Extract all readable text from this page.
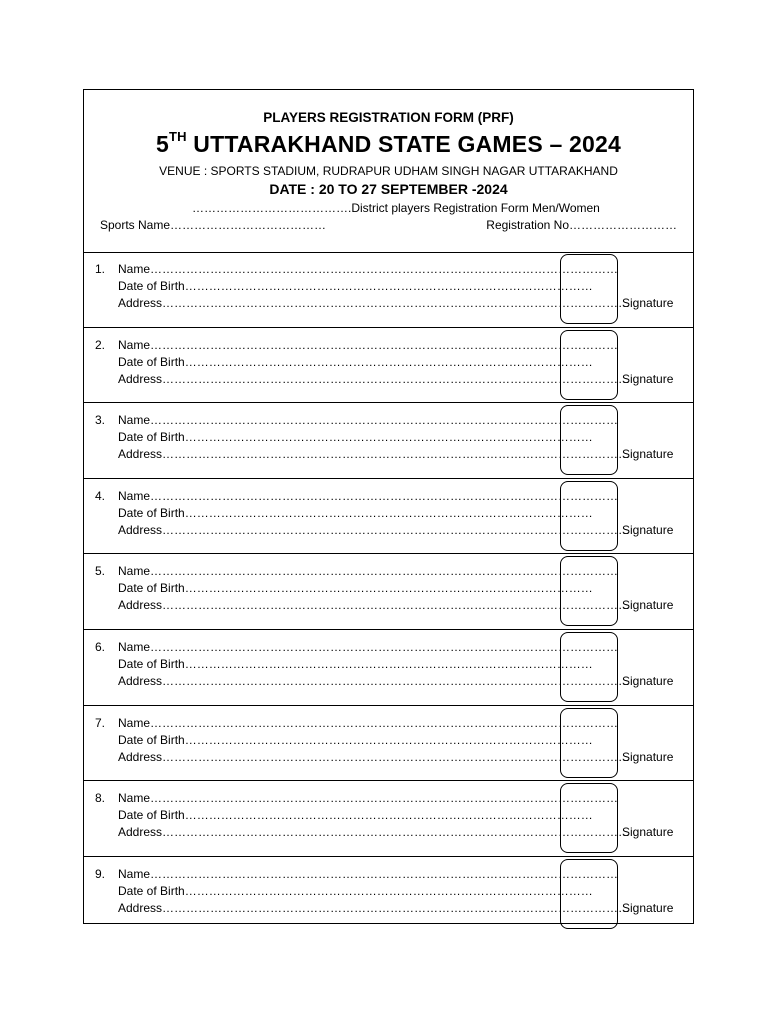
PLAYERS REGISTRATION FORM (PRF)
5TH UTTARAKHAND STATE GAMES – 2024
VENUE : SPORTS STADIUM, RUDRAPUR UDHAM SINGH NAGAR UTTARAKHAND
DATE : 20 TO 27 SEPTEMBER -2024
………………………………….District players Registration Form Men/Women
Sports Name…………………………………	Registration No………………………
1. Name………………………………………………………………………………………………………
Date of Birth…………………………………………………………………………………………
Address………………………………………………………………………………………………………
Signature
2. Name………………………………………………………………………………………………………
Date of Birth…………………………………………………………………………………………
Address………………………………………………………………………………………………………
Signature
3. Name………………………………………………………………………………………………………
Date of Birth…………………………………………………………………………………………
Address………………………………………………………………………………………………………
Signature
4. Name………………………………………………………………………………………………………
Date of Birth…………………………………………………………………………………………
Address………………………………………………………………………………………………………
Signature
5. Name………………………………………………………………………………………………………
Date of Birth…………………………………………………………………………………………
Address………………………………………………………………………………………………………
Signature
6. Name………………………………………………………………………………………………………
Date of Birth…………………………………………………………………………………………
Address………………………………………………………………………………………………………
Signature
7. Name………………………………………………………………………………………………………
Date of Birth…………………………………………………………………………………………
Address………………………………………………………………………………………………………
Signature
8. Name………………………………………………………………………………………………………
Date of Birth…………………………………………………………………………………………
Address………………………………………………………………………………………………………
Signature
9. Name………………………………………………………………………………………………………
Date of Birth…………………………………………………………………………………………
Address………………………………………………………………………………………………………
Signature
